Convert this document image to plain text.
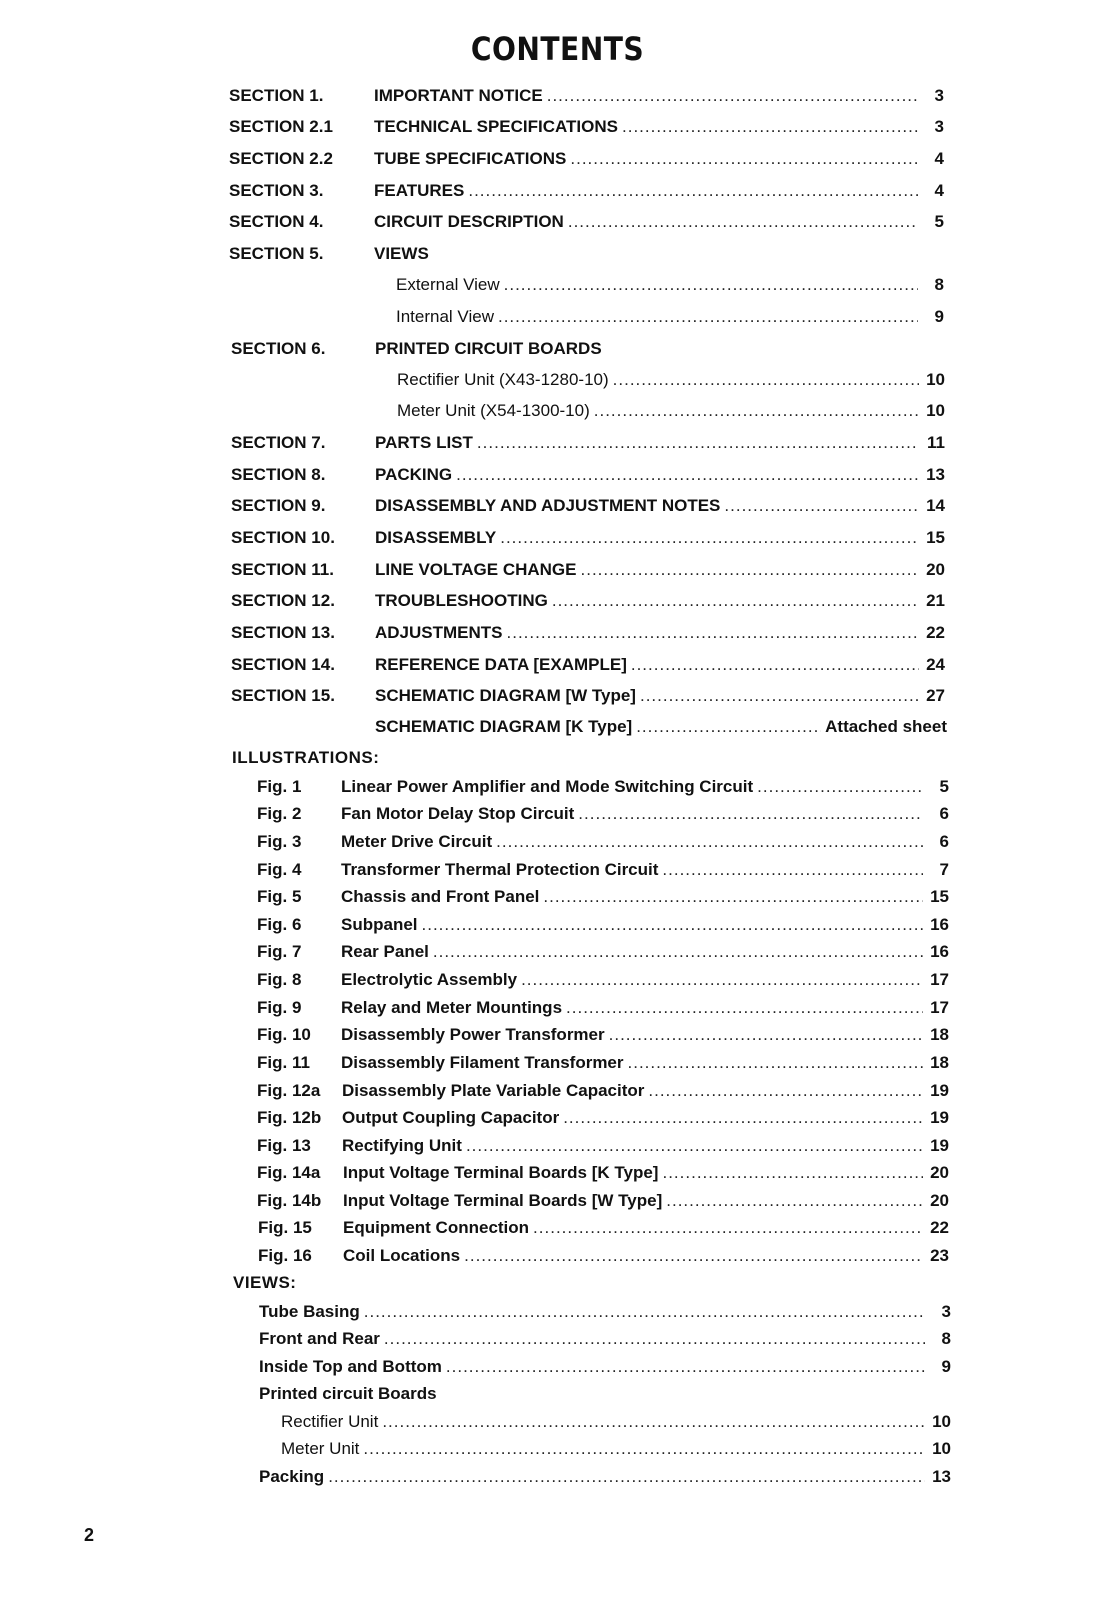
CONTENTS
SECTION 1.	IMPORTANT NOTICE .....	3
SECTION 2.1 TECHNICAL SPECIFICATIONS .....	3
SECTION 2.2 TUBE SPECIFICATIONS .....	4
SECTION 3.	FEATURES .....	4
SECTION 4.	CIRCUIT DESCRIPTION .....	5
SECTION 5.	VIEWS
External View .....	8
Internal View .....	9
SECTION 6.	PRINTED CIRCUIT BOARDS
Rectifier Unit (X43-1280-10) .....	10
Meter Unit (X54-1300-10) .....	10
SECTION 7.	PARTS LIST .....	11
SECTION 8.	PACKING .....	13
SECTION 9.	DISASSEMBLY AND ADJUSTMENT NOTES .....	14
SECTION 10. DISASSEMBLY .....	15
SECTION 11. LINE VOLTAGE CHANGE .....	20
SECTION 12. TROUBLESHOOTING .....	21
SECTION 13. ADJUSTMENTS .....	22
SECTION 14. REFERENCE DATA [EXAMPLE] .....	24
SECTION 15. SCHEMATIC DIAGRAM [W Type] .....	27
SCHEMATIC DIAGRAM [K Type] .....	Attached sheet
ILLUSTRATIONS:
Fig. 1 Linear Power Amplifier and Mode Switching Circuit .....	5
Fig. 2 Fan Motor Delay Stop Circuit .....	6
Fig. 3 Meter Drive Circuit .....	6
Fig. 4 Transformer Thermal Protection Circuit .....	7
Fig. 5 Chassis and Front Panel .....	15
Fig. 6 Subpanel .....	16
Fig. 7 Rear Panel .....	16
Fig. 8 Electrolytic Assembly .....	17
Fig. 9 Relay and Meter Mountings .....	17
Fig. 10 Disassembly Power Transformer .....	18
Fig. 11 Disassembly Filament Transformer .....	18
Fig. 12a Disassembly Plate Variable Capacitor .....	19
Fig. 12b Output Coupling Capacitor .....	19
Fig. 13 Rectifying Unit .....	19
Fig. 14a Input Voltage Terminal Boards [K Type] .....	20
Fig. 14b Input Voltage Terminal Boards [W Type] .....	20
Fig. 15 Equipment Connection .....	22
Fig. 16 Coil Locations .....	23
VIEWS:
Tube Basing .....	3
Front and Rear .....	8
Inside Top and Bottom .....	9
Printed circuit Boards
Rectifier Unit .....	10
Meter Unit .....	10
Packing .....	13
2
